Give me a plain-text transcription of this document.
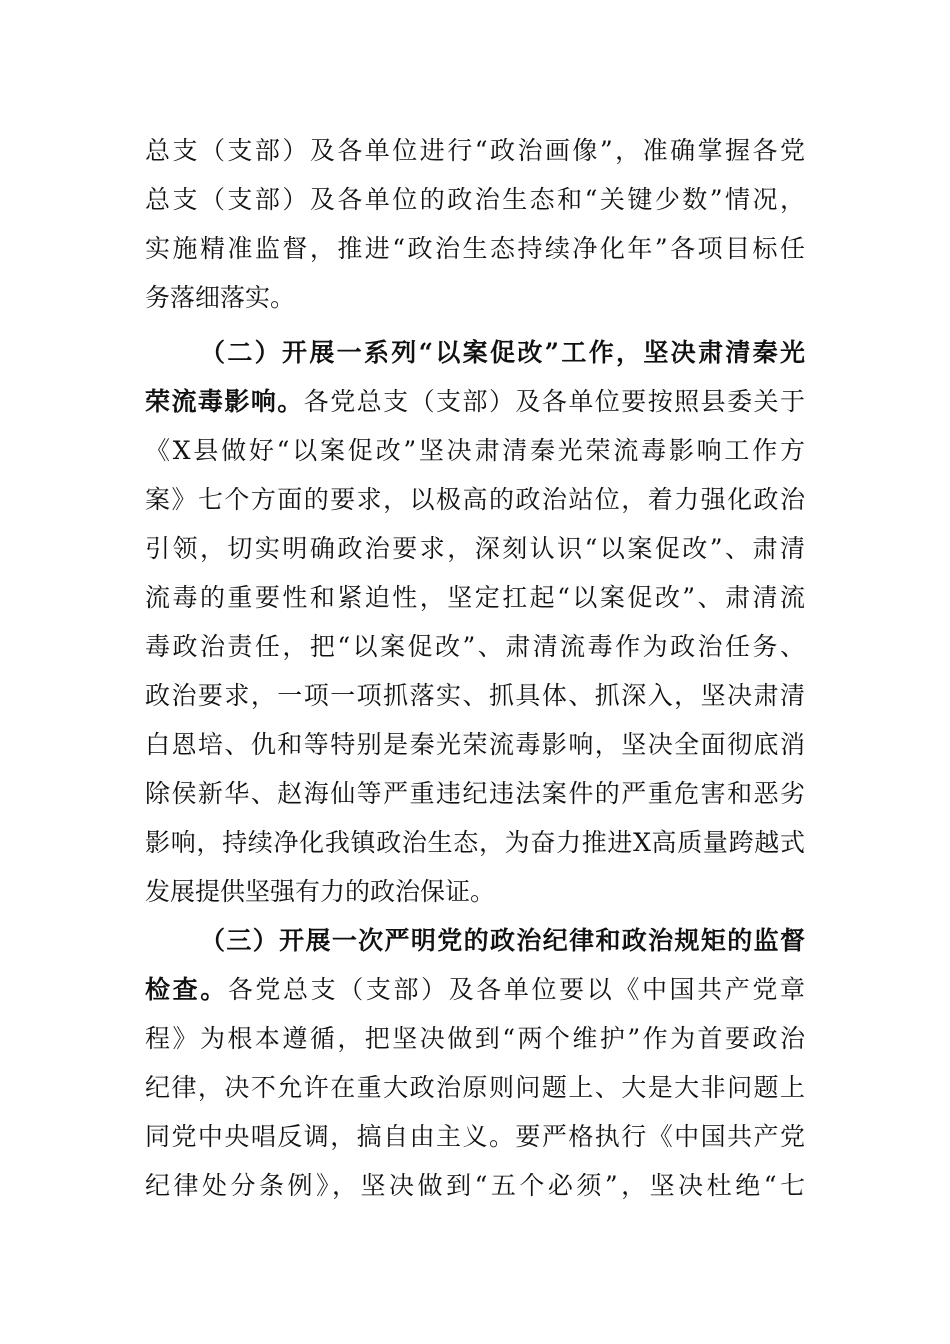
总支（支部）及各单位进行“政治画像”，准确掌握各党
总支（支部）及各单位的政治生态和“关键少数”情况，
实施精准监督，推进“政治生态持续净化年”各项目标任
务落细落实。
（二）开展一系列“以案促改”工作，坚决肃清秦光
荣流毒影响。各党总支（支部）及各单位要按照县委关于
《X县做好“以案促改”坚决肃清秦光荣流毒影响工作方
案》七个方面的要求，以极高的政治站位，着力强化政治
引领，切实明确政治要求，深刻认识“以案促改”、肃清
流毒的重要性和紧迫性，坚定扛起“以案促改”、肃清流
毒政治责任，把“以案促改”、肃清流毒作为政治任务、
政治要求，一项一项抓落实、抓具体、抓深入，坚决肃清
白恩培、仇和等特别是秦光荣流毒影响，坚决全面彻底消
除侯新华、赵海仙等严重违纪违法案件的严重危害和恶劣
影响，持续净化我镇政治生态，为奋力推进X高质量跨越式
发展提供坚强有力的政治保证。
（三）开展一次严明党的政治纪律和政治规矩的监督
检查。各党总支（支部）及各单位要以《中国共产党章
程》为根本遵循，把坚决做到“两个维护”作为首要政治
纪律，决不允许在重大政治原则问题上、大是大非问题上
同党中央唱反调，搞自由主义。要严格执行《中国共产党
纪律处分条例》，坚决做到“五个必须”，坚决杜绝“七
